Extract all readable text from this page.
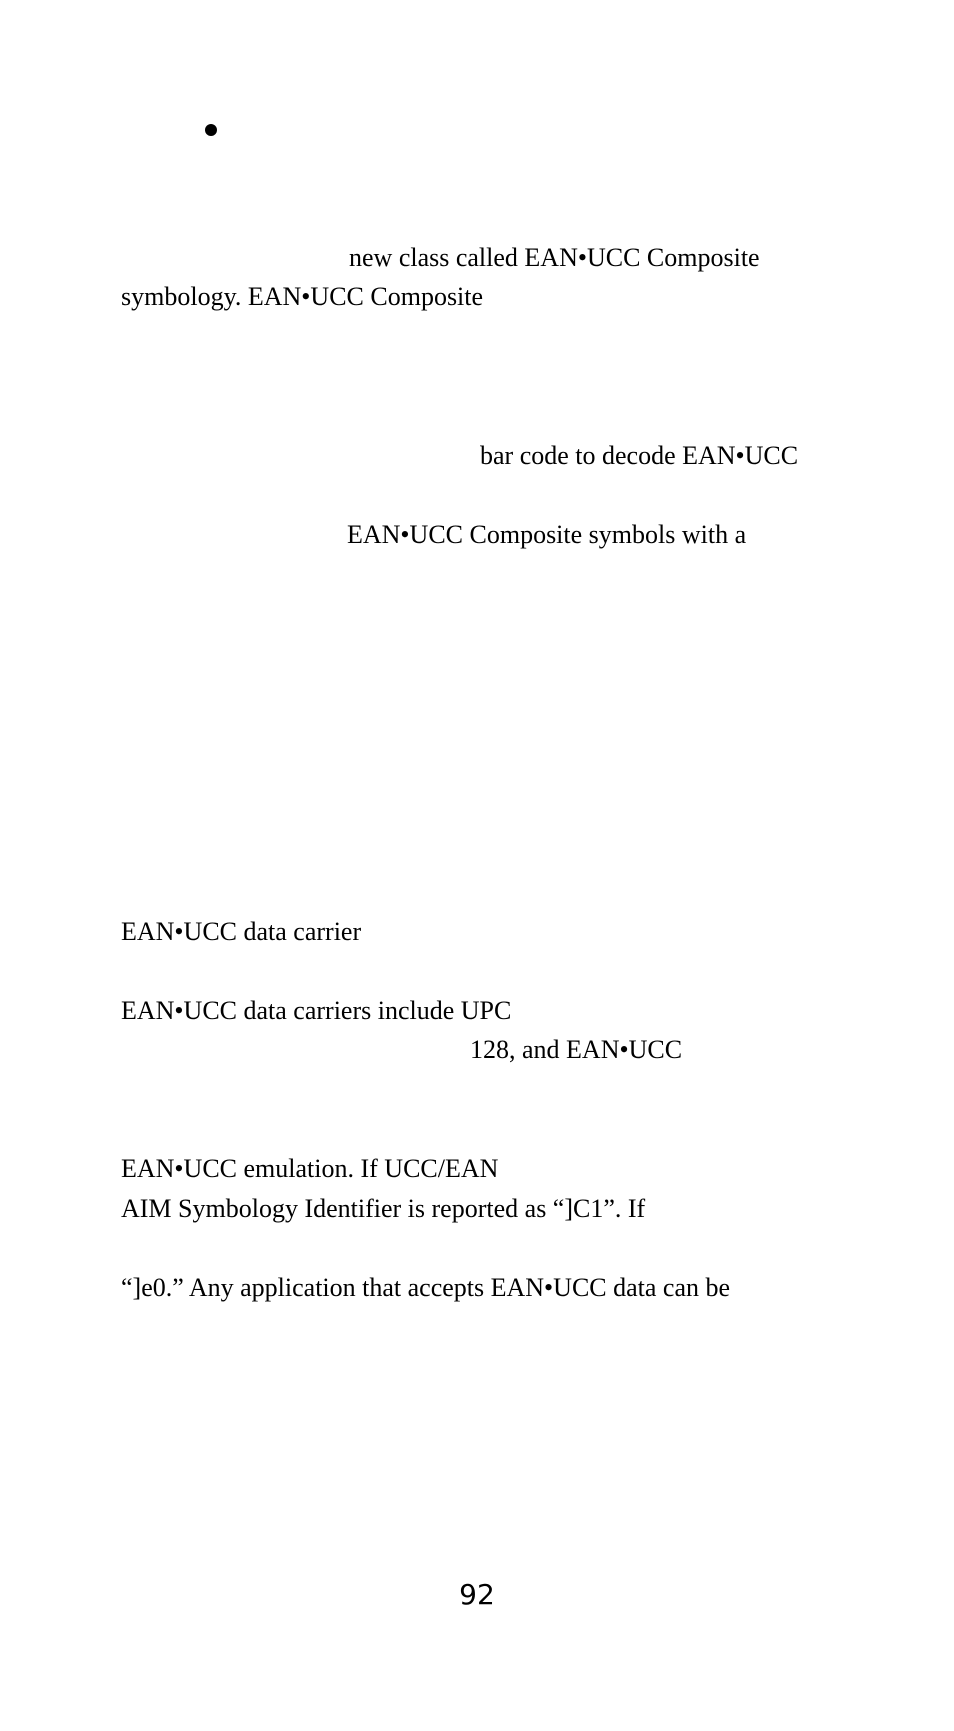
new class called EAN•UCC Composite
symbology. EAN•UCC Composite
bar code to decode EAN•UCC
EAN•UCC Composite symbols with a
EAN•UCC data carrier
EAN•UCC data carriers include UPC
128, and EAN•UCC
EAN•UCC emulation. If UCC/EAN
AIM Symbology Identifier is reported as “]C1”. If
“]e0.” Any application that accepts EAN•UCC data can be
92
